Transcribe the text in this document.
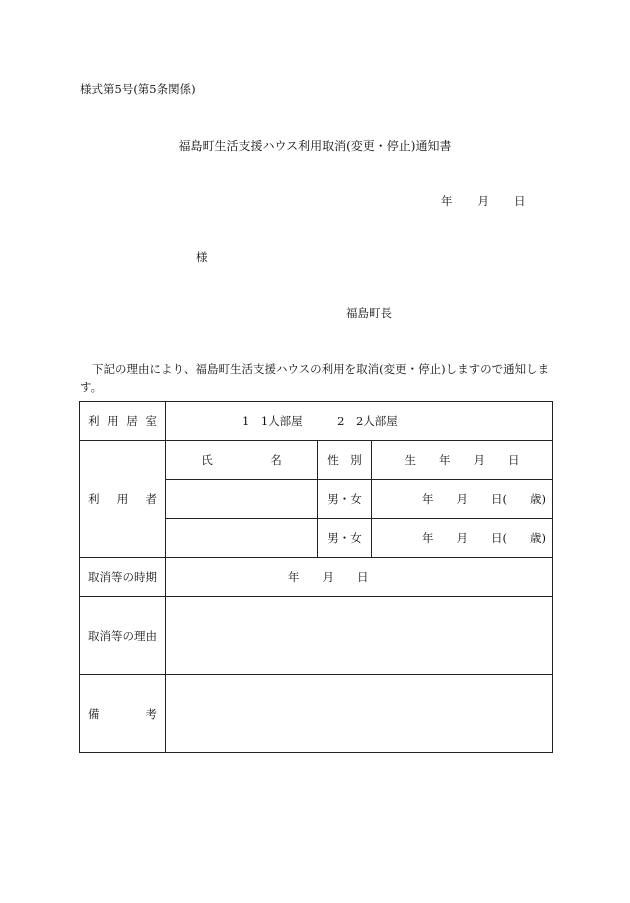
様式第5号(第5条関係)
福島町生活支援ハウス利用取消(変更・停止)通知書
年 月 日
様
福島町長
下記の理由により、福島町生活支援ハウスの利用を取消(変更・停止)しますので通知します。
利用居室	1　1人部屋　　　2　2人部屋		
利用者	氏　　　　　名	性　別	生　　年　　月　　日
		男・女	年　　月　　日(　　歳)
		男・女	年　　月　　日(　　歳)
取消等の時期	年　　月　　日		
取消等の理由			
備考			
